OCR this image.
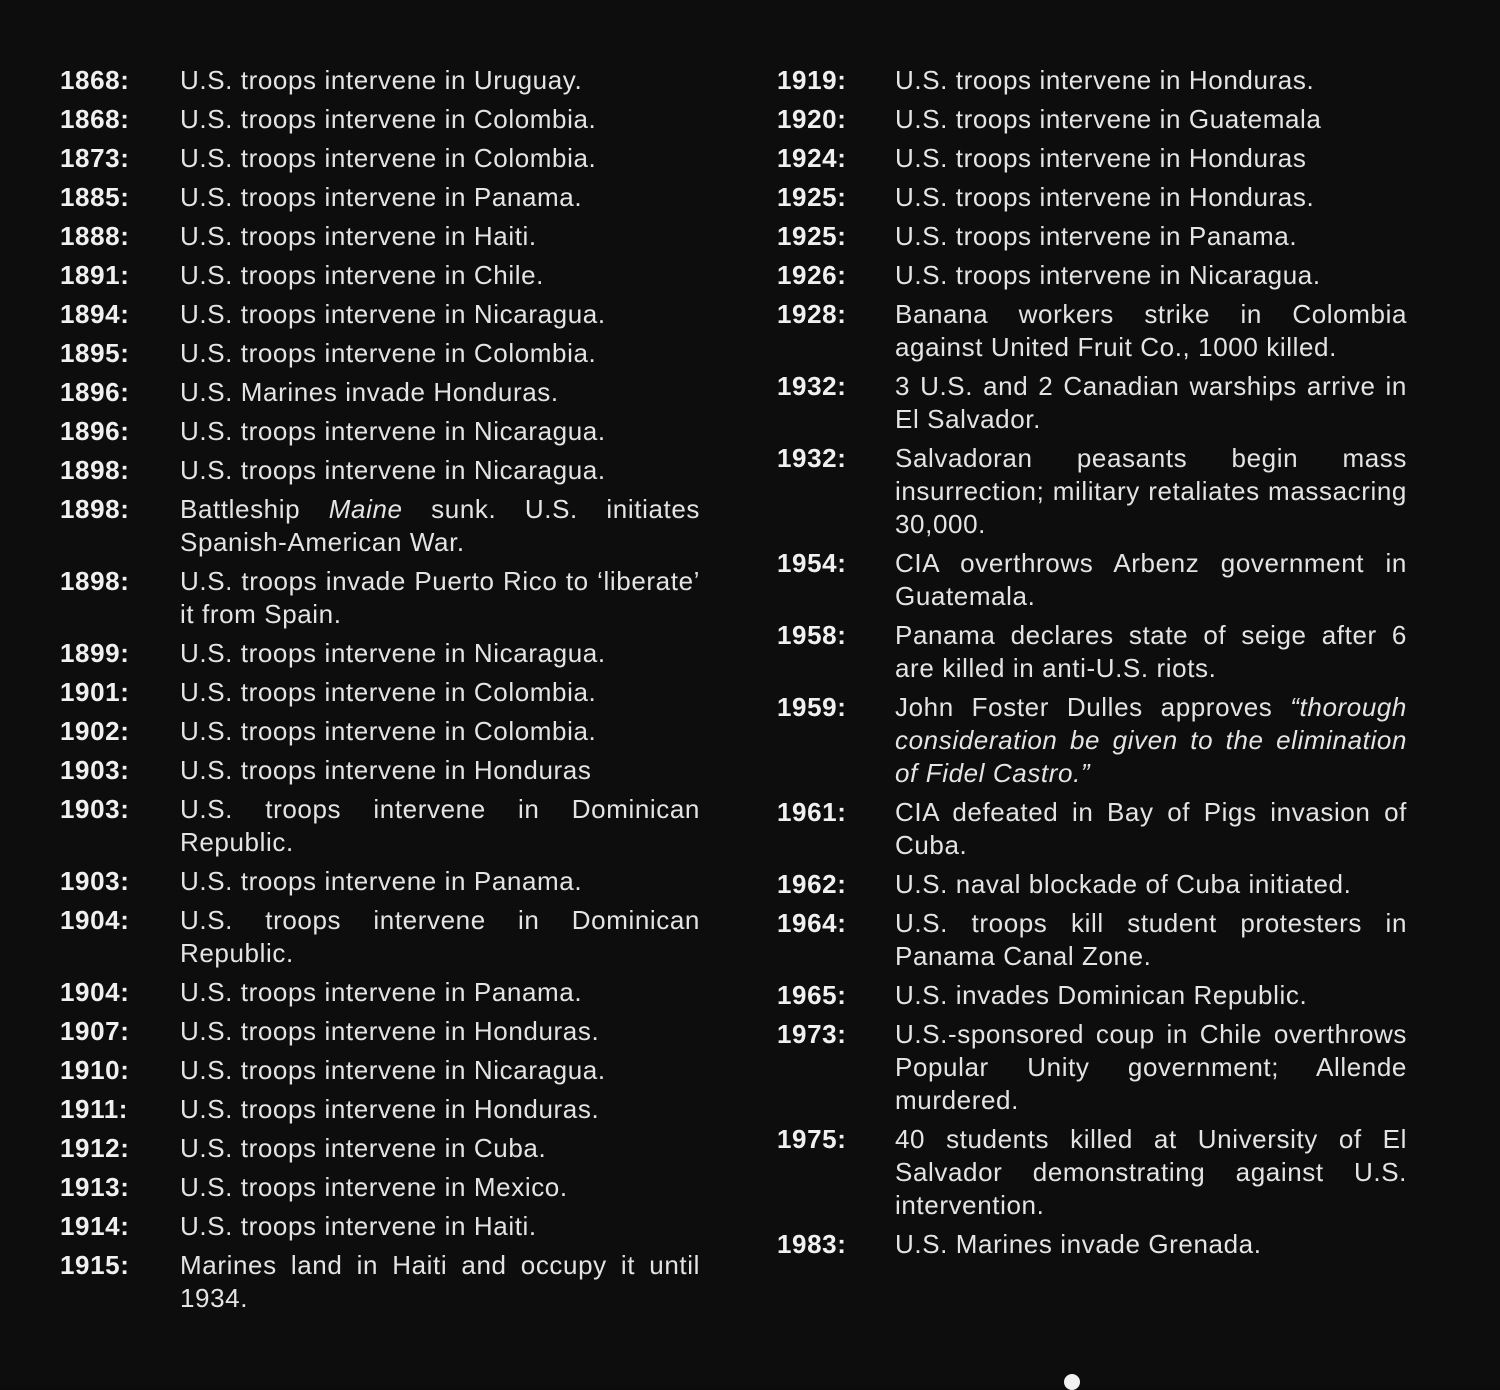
1868:	U.S. troops intervene in Uruguay.
1868:	U.S. troops intervene in Colombia.
1873:	U.S. troops intervene in Colombia.
1885:	U.S. troops intervene in Panama.
1888:	U.S. troops intervene in Haiti.
1891:	U.S. troops intervene in Chile.
1894:	U.S. troops intervene in Nicaragua.
1895:	U.S. troops intervene in Colombia.
1896:	U.S. Marines invade Honduras.
1896:	U.S. troops intervene in Nicaragua.
1898:	U.S. troops intervene in Nicaragua.
1898:	Battleship Maine sunk. U.S. initiates Spanish-American War.
1898:	U.S. troops invade Puerto Rico to ‘liberate’ it from Spain.
1899:	U.S. troops intervene in Nicaragua.
1901:	U.S. troops intervene in Colombia.
1902:	U.S. troops intervene in Colombia.
1903:	U.S. troops intervene in Honduras
1903:	U.S. troops intervene in Dominican Republic.
1903:	U.S. troops intervene in Panama.
1904:	U.S. troops intervene in Dominican Republic.
1904:	U.S. troops intervene in Panama.
1907:	U.S. troops intervene in Honduras.
1910:	U.S. troops intervene in Nicaragua.
1911:	U.S. troops intervene in Honduras.
1912:	U.S. troops intervene in Cuba.
1913:	U.S. troops intervene in Mexico.
1914:	U.S. troops intervene in Haiti.
1915:	Marines land in Haiti and occupy it until 1934.
1919:	U.S. troops intervene in Honduras.
1920:	U.S. troops intervene in Guatemala
1924:	U.S. troops intervene in Honduras
1925:	U.S. troops intervene in Honduras.
1925:	U.S. troops intervene in Panama.
1926:	U.S. troops intervene in Nicaragua.
1928:	Banana workers strike in Colombia against United Fruit Co., 1000 killed.
1932:	3 U.S. and 2 Canadian warships arrive in El Salvador.
1932:	Salvadoran peasants begin mass insurrection; military retaliates massacring 30,000.
1954:	CIA overthrows Arbenz government in Guatemala.
1958:	Panama declares state of seige after 6 are killed in anti-U.S. riots.
1959:	John Foster Dulles approves “thorough consideration be given to the elimination of Fidel Castro.”
1961:	CIA defeated in Bay of Pigs invasion of Cuba.
1962:	U.S. naval blockade of Cuba initiated.
1964:	U.S. troops kill student protesters in Panama Canal Zone.
1965:	U.S. invades Dominican Republic.
1973:	U.S.-sponsored coup in Chile overthrows Popular Unity government; Allende murdered.
1975:	40 students killed at University of El Salvador demonstrating against U.S. intervention.
1983:	U.S. Marines invade Grenada.
